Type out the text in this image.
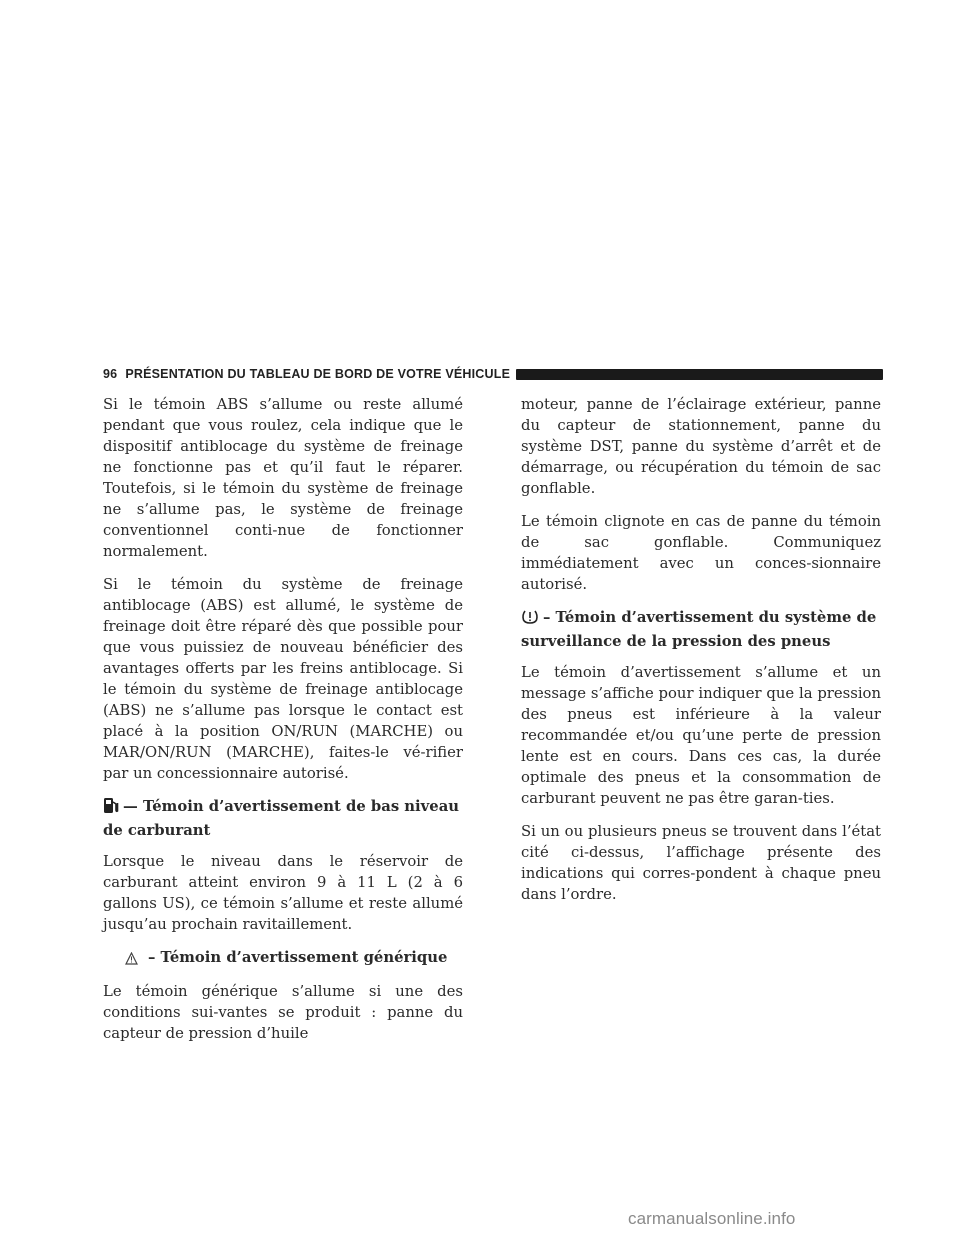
96 PRÉSENTATION DU TABLEAU DE BORD DE VOTRE VÉHICULE

Si le témoin ABS s’allume ou reste allumé pendant que vous roulez, cela indique que le dispositif antiblocage du système de freinage ne fonctionne pas et qu’il faut le réparer. Toutefois, si le témoin du système de freinage ne s’allume pas, le système de freinage conventionnel conti-nue de fonctionner normalement.

Si le témoin du système de freinage antiblocage (ABS) est allumé, le système de freinage doit être réparé dès que possible pour que vous puissiez de nouveau bénéficier des avantages offerts par les freins antiblocage. Si le témoin du système de freinage antiblocage (ABS) ne s’allume pas lorsque le contact est placé à la position ON/RUN (MARCHE) ou MAR/ON/RUN (MARCHE), faites-le vé-rifier par un concessionnaire autorisé.

— Témoin d’avertissement de bas niveau de carburant

Lorsque le niveau dans le réservoir de carburant atteint environ 9 à 11 L (2 à 6 gallons US), ce témoin s’allume et reste allumé jusqu’au prochain ravitaillement.

– Témoin d’avertissement générique

Le témoin générique s’allume si une des conditions sui-vantes se produit : panne du capteur de pression d’huile

moteur, panne de l’éclairage extérieur, panne du capteur de stationnement, panne du système DST, panne du système d’arrêt et de démarrage, ou récupération du témoin de sac gonflable.

Le témoin clignote en cas de panne du témoin de sac gonflable. Communiquez immédiatement avec un conces-sionnaire autorisé.

– Témoin d’avertissement du système de surveillance de la pression des pneus

Le témoin d’avertissement s’allume et un message s’affiche pour indiquer que la pression des pneus est inférieure à la valeur recommandée et/ou qu’une perte de pression lente est en cours. Dans ces cas, la durée optimale des pneus et la consommation de carburant peuvent ne pas être garan-ties.

Si un ou plusieurs pneus se trouvent dans l’état cité ci-dessus, l’affichage présente des indications qui corres-pondent à chaque pneu dans l’ordre.

carmanualsonline.info
